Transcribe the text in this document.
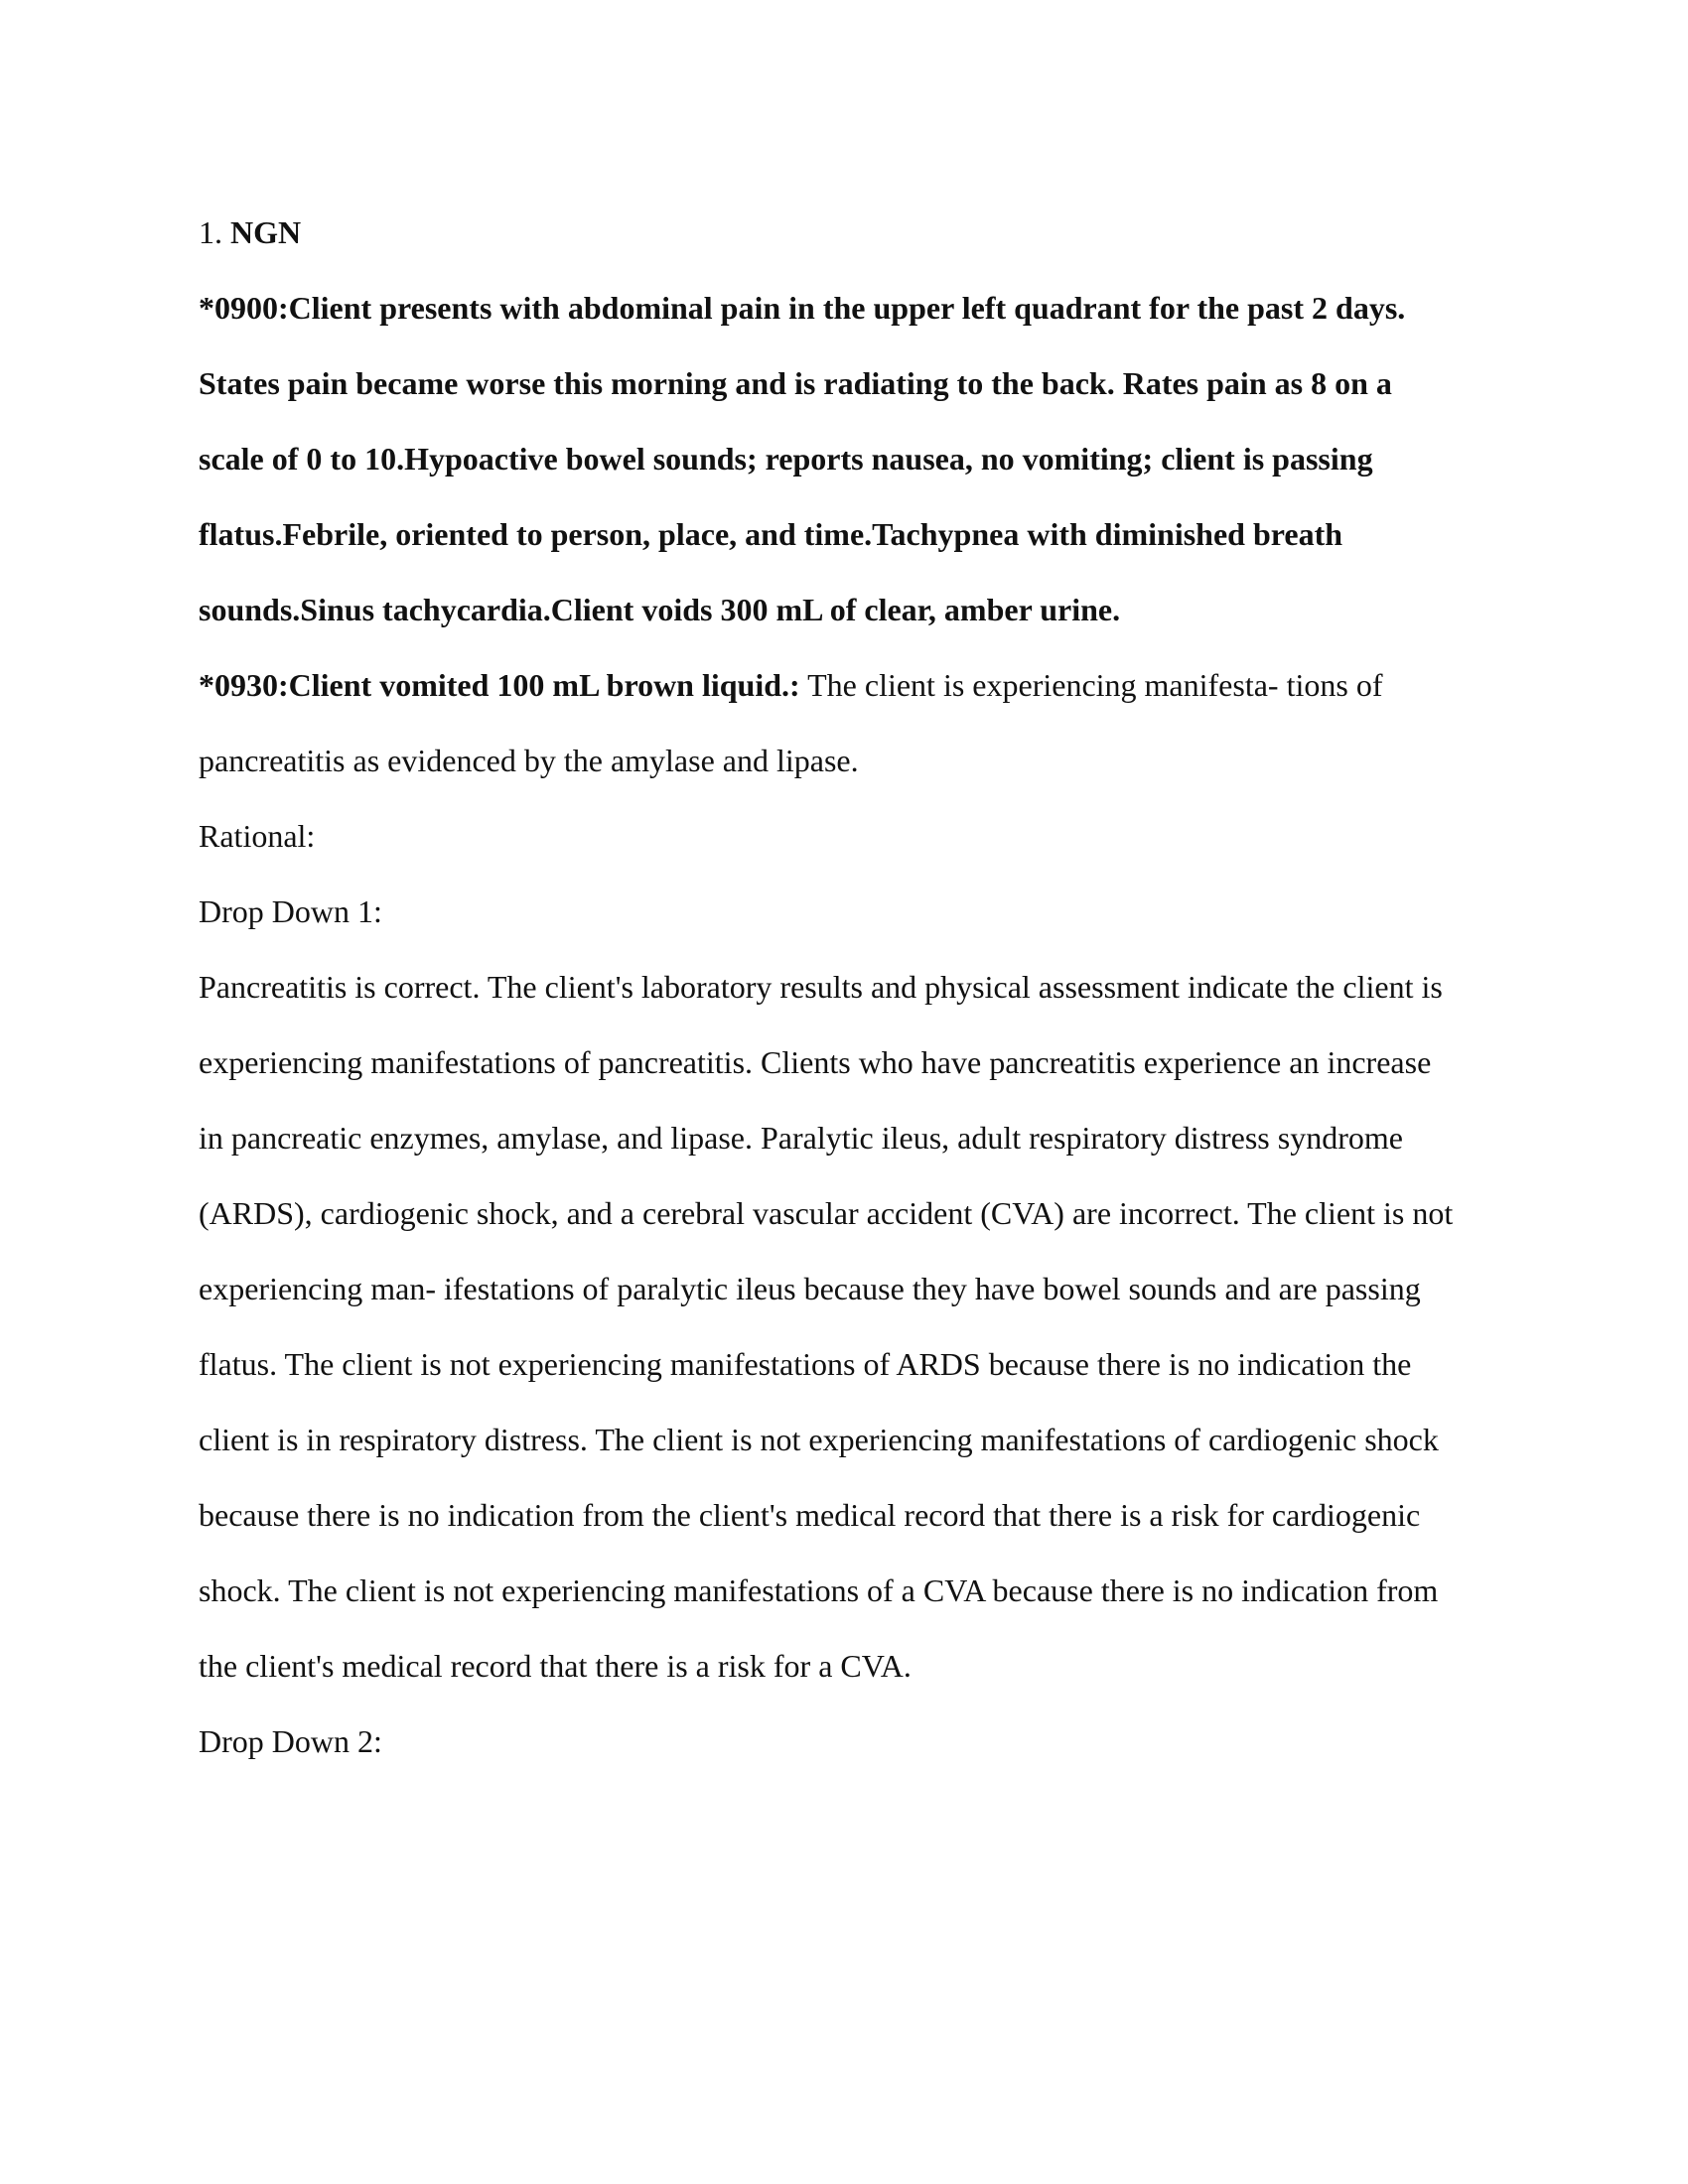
1. NGN

*0900:Client presents with abdominal pain in the upper left quadrant for the past 2 days.

States pain became worse this morning and is radiating to the back. Rates pain as 8 on a

scale of 0 to 10.Hypoactive bowel sounds; reports nausea, no vomiting; client is passing

flatus.Febrile, oriented to person, place, and time.Tachypnea with diminished breath

sounds.Sinus tachycardia.Client voids 300 mL of clear, amber urine.

*0930:Client vomited 100 mL brown liquid.: The client is experiencing manifesta- tions of

pancreatitis as evidenced by the amylase and lipase.

Rational:

Drop Down 1:

Pancreatitis is correct. The client's laboratory results and physical assessment indicate the client is

experiencing manifestations of pancreatitis. Clients who have pancreatitis experience an increase

in pancreatic enzymes, amylase, and lipase. Paralytic ileus, adult respiratory distress syndrome

(ARDS), cardiogenic shock, and a cerebral vascular accident (CVA) are incorrect. The client is not

experiencing man- ifestations of paralytic ileus because they have bowel sounds and are passing

flatus. The client is not experiencing manifestations of ARDS because there is no indication the

client is in respiratory distress. The client is not experiencing manifestations of cardiogenic shock

because there is no indication from the client's medical record that there is a risk for cardiogenic

shock. The client is not experiencing manifestations of a CVA because there is no indication from

the client's medical record that there is a risk for a CVA.

Drop Down 2:
